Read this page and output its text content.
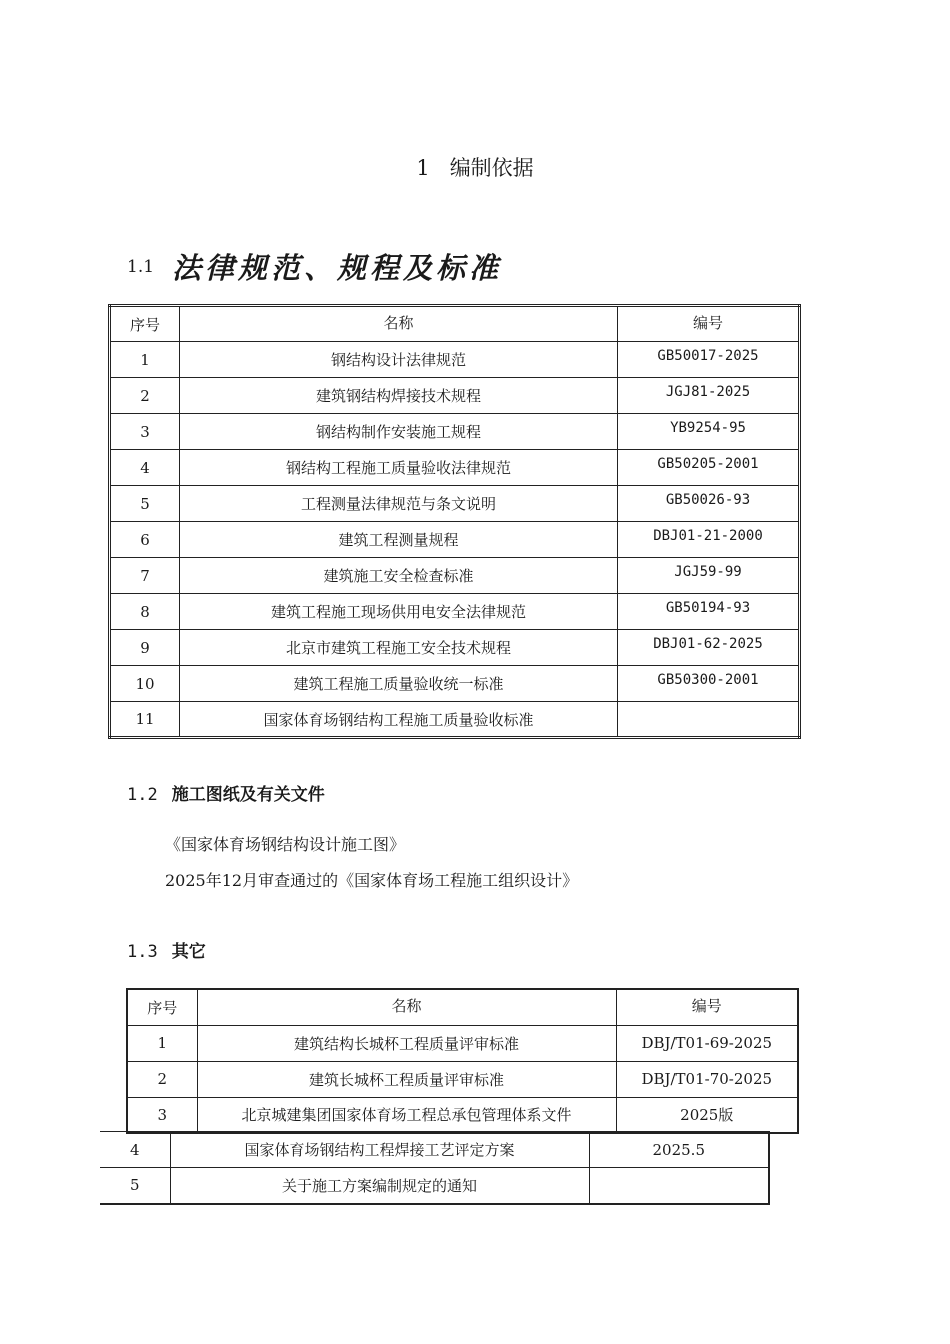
1 编制依据
1.1 法律规范、规程及标准
序号	名称	编号
1	钢结构设计法律规范	GB50017-2025
2	建筑钢结构焊接技术规程	JGJ81-2025
3	钢结构制作安装施工规程	YB9254-95
4	钢结构工程施工质量验收法律规范	GB50205-2001
5	工程测量法律规范与条文说明	GB50026-93
6	建筑工程测量规程	DBJ01-21-2000
7	建筑施工安全检查标准	JGJ59-99
8	建筑工程施工现场供用电安全法律规范	GB50194-93
9	北京市建筑工程施工安全技术规程	DBJ01-62-2025
10	建筑工程施工质量验收统一标准	GB50300-2001
11	国家体育场钢结构工程施工质量验收标准	
1.2 施工图纸及有关文件
《国家体育场钢结构设计施工图》
2025年12月审查通过的《国家体育场工程施工组织设计》
1.3 其它
序号	名称	编号
1	建筑结构长城杯工程质量评审标准	DBJ/T01-69-2025
2	建筑长城杯工程质量评审标准	DBJ/T01-70-2025
3	北京城建集团国家体育场工程总承包管理体系文件	2025版
4	国家体育场钢结构工程焊接工艺评定方案	2025.5
5	关于施工方案编制规定的通知	
